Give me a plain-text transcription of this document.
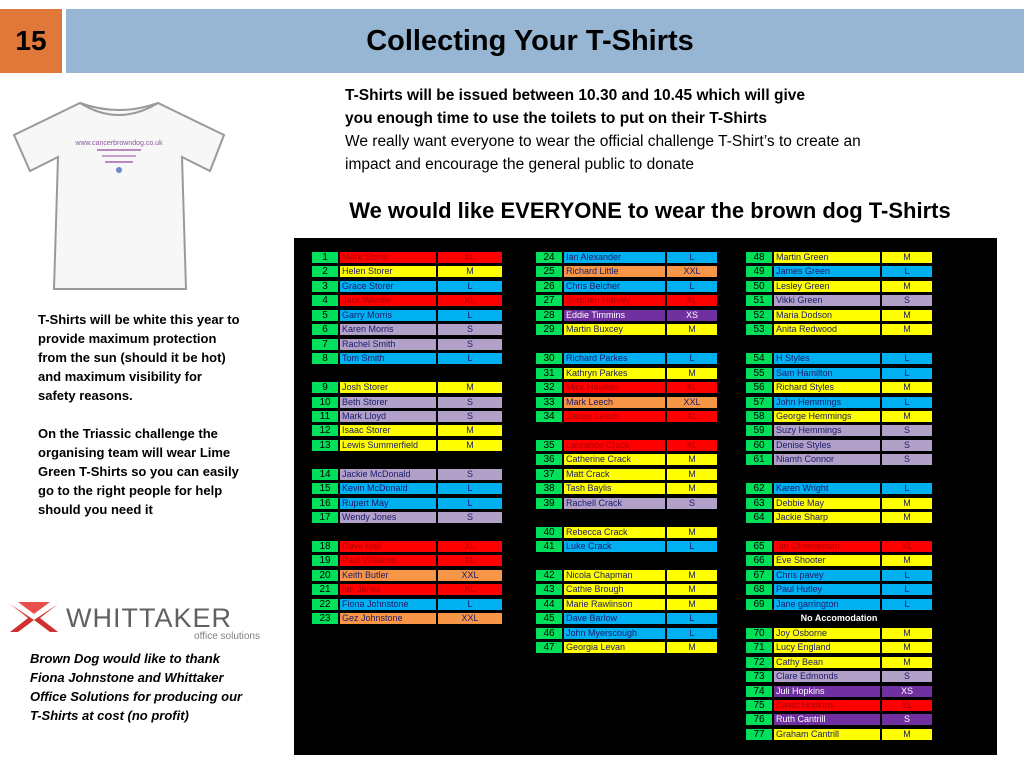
15	Collecting Your T-Shirts
www.cancerbrowndog.co.uk
T-Shirts will be issued between 10.30 and 10.45 which will give
you enough time to use the toilets to put on their T-Shirts
We really want everyone to wear the official challenge T-Shirt’s to create an
impact and encourage the general public to donate
We would like EVERYONE to wear the brown dog T-Shirts

T-Shirts will be white this year to provide maximum protection from the sun (should it be hot) and maximum visibility for safety reasons.

On the Triassic challenge the organising team will wear Lime Green T-Shirts so you can easily go to the right people for help should you need it

WHITTAKER
office solutions
Brown Dog would like to thank Fiona Johnstone and Whittaker Office Solutions for producing our T-Shirts at cost (no profit)
1	Mark Storer	XL
2	Helen Storer	M
3	Grace Storer	L
4	Jack Wardle	XL
5	Garry Morris	L
6	Karen Morris	S
7	Rachel Smith	S
8	Tom Smith	L
9	Josh Storer	M
10	Beth Storer	S
11	Mark Lloyd	S
12	Isaac Storer	M
13	Lewis Summerfield	M
14	Jackie McDonald	S
15	Kevin McDonald	L
16	Rupert May	L
17	Wendy Jones	S
18	Dave Hall	XL
19	Paul Williams	XL
20	Keith Butler	XXL
21	Ian Jarvis	XL
22	Fiona Johnstone	L
23	Gez Johnstone	XXL
24	Ian Alexander	L
25	Richard Little	XXL
26	Chris Belcher	L
27	Stephen Harvey	XL
28	Eddie Timmins	XS
29	Martin Buxcey	M
30	Richard Parkes	L
31	Kathryn Parkes	M
32	Mick Hawkes	XL
33	Mark Leech	XXL
34	Jacqui Leech	XL
35	Laurance Crack	XL
36	Catherine Crack	M
37	Matt Crack	M
38	Tash Baylis	M
39	Rachell Crack	S
40	Rebecca Crack	M
41	Luke Crack	L
42	Nicola Chapman	M
43	Cathie Brough	M
44	Marie Rawlinson	M
45	Dave Barlow	L
46	John Myerscough	L
47	Georgia Levan	M
48	Martin Green	M
49	James Green	L
50	Lesley Green	M
51	Vikki Green	S
52	Maria Dodson	M
53	Anita Redwood	M
54	H Styles	L
55	Sam Hamilton	L
56	Richard Styles	M
57	John Hemmings	L
58	George Hemmings	M
59	Suzy Hemmings	S
60	Denise Styles	S
61	Niamh Connor	S
62	Karen Wright	L
63	Debbie May	M
64	Jackie Sharp	M
65	Ian Cheeseman	XL
66	Eve Shooter	M
67	Chris pavey	L
68	Paul Hutley	L
69	Jane garrington	L
No Accomodation
70	Joy Osborne	M
71	Lucy England	M
72	Cathy Bean	M
73	Clare Edmonds	S
74	Juli Hopkins	XS
75	David Hopkins	XL
76	Ruth Cantrill	S
77	Graham Cantrill	M
